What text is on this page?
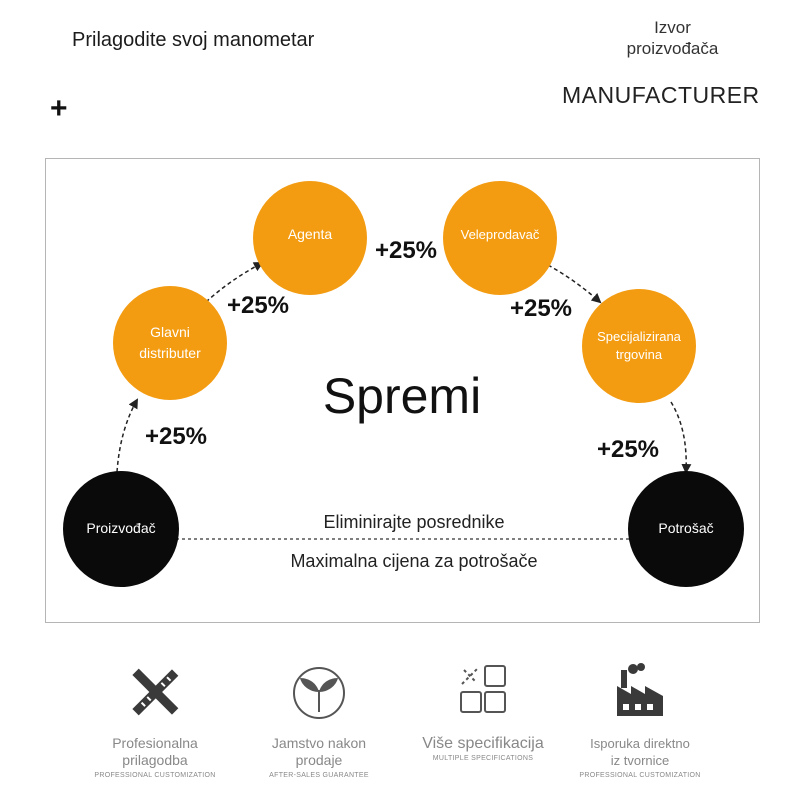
Prilagodite svoj manometar
+
Izvor
proizvođača
MANUFACTURER
Glavni
distributer
Agenta	Veleprodavač
Specijalizirana
trgovina
Proizvođač	Potrošač
+25%
+25%
+25%
+25%	+25%
Spremi
Eliminirajte posrednike
Maximalna cijena za potrošače
Profesionalna
prilagodba
PROFESSIONAL CUSTOMIZATION
Jamstvo nakon
prodaje
AFTER-SALES GUARANTEE
Više specifikacija
MULTIPLE SPECIFICATIONS
Isporuka direktno
iz tvornice
PROFESSIONAL CUSTOMIZATION
